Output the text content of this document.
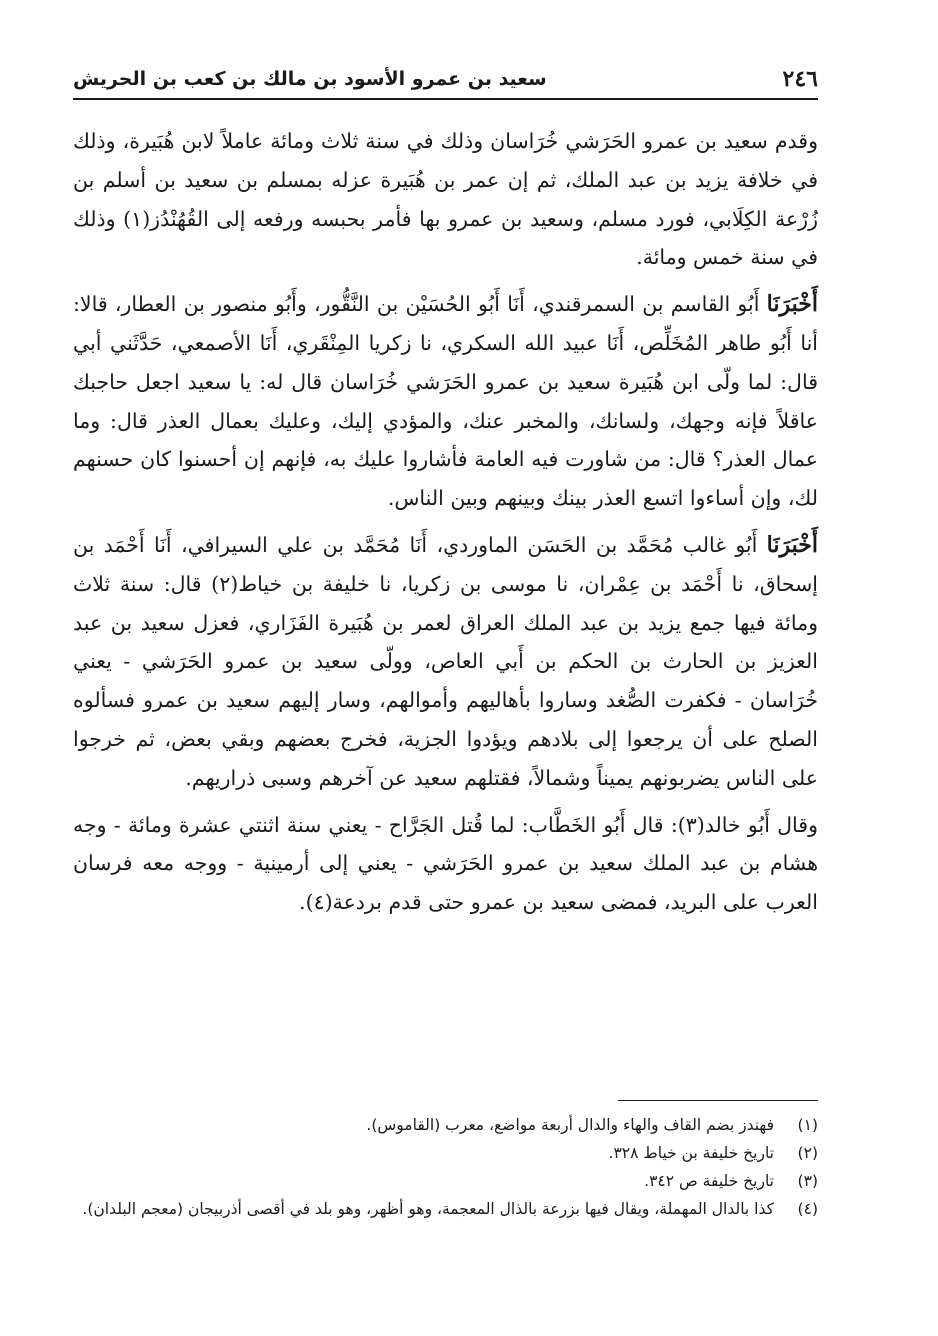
٢٤٦
سعيد بن عمرو الأسود بن مالك بن كعب بن الحريش

وقدم سعيد بن عمرو الحَرَشي خُرَاسان وذلك في سنة ثلاث ومائة عاملاً لابن هُبَيرة، وذلك في خلافة يزيد بن عبد الملك، ثم إن عمر بن هُبَيرة عزله بمسلم بن سعيد بن أسلم بن زُرْعة الكِلَابي، فورد مسلم، وسعيد بن عمرو بها فأمر بحبسه ورفعه إلى القُهُنْدُز(١) وذلك في سنة خمس ومائة.

أَخْبَرَنَا أَبُو القاسم بن السمرقندي، أَنَا أَبُو الحُسَيْن بن النَّقُّور، وأَبُو منصور بن العطار، قالا: أنا أَبُو طاهر المُخَلِّص، أَنَا عبيد الله السكري، نا زكريا المِنْقَري، أَنَا الأصمعي، حَدَّثَني أبي قال: لما ولّى ابن هُبَيرة سعيد بن عمرو الحَرَشي خُرَاسان قال له: يا سعيد اجعل حاجبك عاقلاً فإنه وجهك، ولسانك، والمخبر عنك، والمؤدي إليك، وعليك بعمال العذر قال: وما عمال العذر؟ قال: من شاورت فيه العامة فأشاروا عليك به، فإنهم إن أحسنوا كان حسنهم لك، وإن أساءوا اتسع العذر بينك وبينهم وبين الناس.

أَخْبَرَنَا أَبُو غالب مُحَمَّد بن الحَسَن الماوردي، أَنَا مُحَمَّد بن علي السيرافي، أَنَا أَحْمَد بن إسحاق، نا أَحْمَد بن عِمْران، نا موسى بن زكريا، نا خليفة بن خياط(٢) قال: سنة ثلاث ومائة فيها جمع يزيد بن عبد الملك العراق لعمر بن هُبَيرة الفَزَاري، فعزل سعيد بن عبد العزيز بن الحارث بن الحكم بن أَبي العاص، وولّى سعيد بن عمرو الحَرَشي - يعني خُرَاسان - فكفرت الصُّغد وساروا بأهاليهم وأموالهم، وسار إليهم سعيد بن عمرو فسألوه الصلح على أن يرجعوا إلى بلادهم ويؤدوا الجزية، فخرج بعضهم وبقي بعض، ثم خرجوا على الناس يضربونهم يميناً وشمالاً، فقتلهم سعيد عن آخرهم وسبى ذراريهم.

وقال أَبُو خالد(٣): قال أَبُو الخَطَّاب: لما قُتل الجَرَّاح - يعني سنة اثنتي عشرة ومائة - وجه هشام بن عبد الملك سعيد بن عمرو الحَرَشي - يعني إلى أرمينية - ووجه معه فرسان العرب على البريد، فمضى سعيد بن عمرو حتى قدم بردعة(٤).

(١)
فهندز بضم القاف والهاء والدال أربعة مواضع، معرب (القاموس).
(٢)
تاريخ خليفة بن خياط ٣٢٨.
(٣)
تاريخ خليفة ص ٣٤٢.
(٤)
كذا بالدال المهملة، ويقال فيها بزرعة بالذال المعجمة، وهو أظهر، وهو بلد في أقصى أذربيجان (معجم البلدان).
